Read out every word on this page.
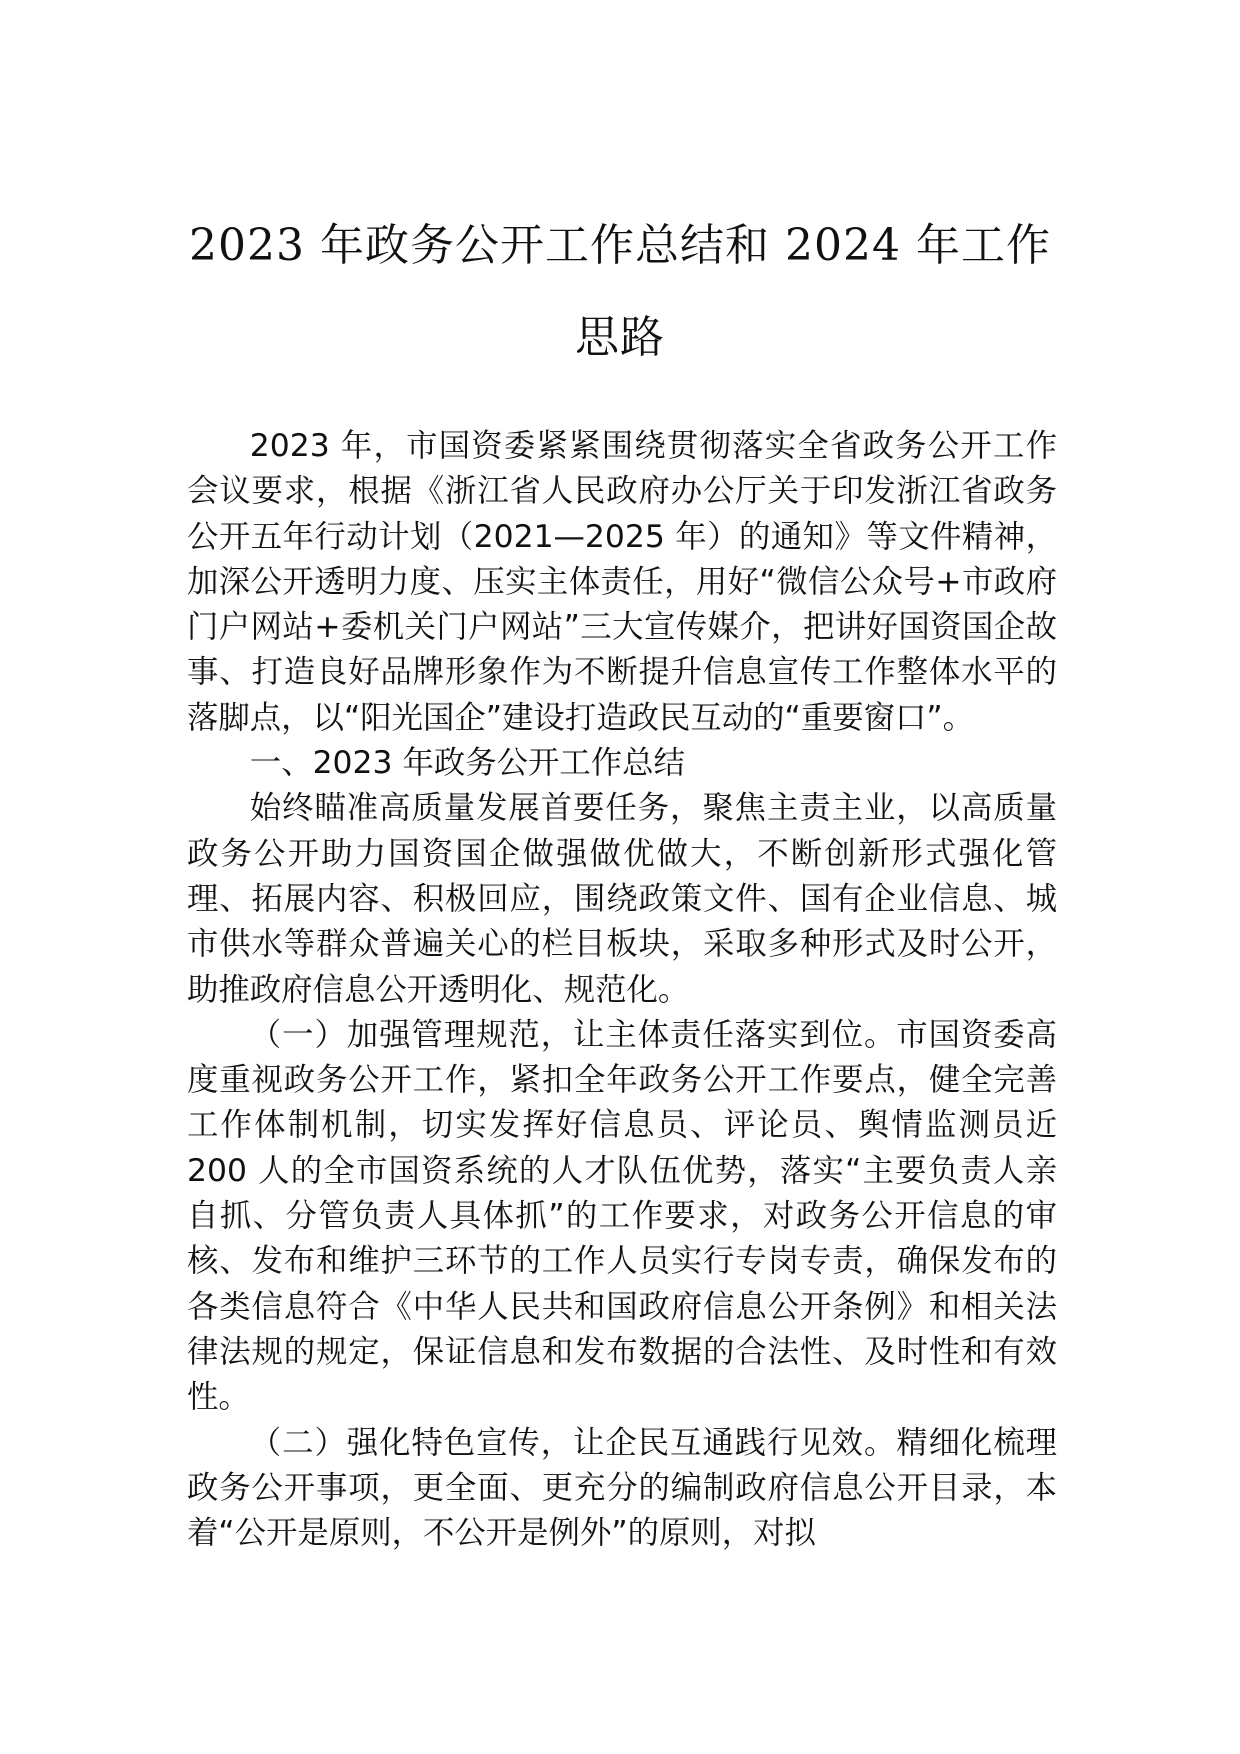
2023 年政务公开工作总结和 2024 年工作思路

2023 年，市国资委紧紧围绕贯彻落实全省政务公开工作会议要求，根据《浙江省人民政府办公厅关于印发浙江省政务公开五年行动计划（2021—2025 年）的通知》等文件精神，加深公开透明力度、压实主体责任，用好“微信公众号+市政府门户网站+委机关门户网站”三大宣传媒介，把讲好国资国企故事、打造良好品牌形象作为不断提升信息宣传工作整体水平的落脚点，以“阳光国企”建设打造政民互动的“重要窗口”。

一、2023 年政务公开工作总结

始终瞄准高质量发展首要任务，聚焦主责主业，以高质量政务公开助力国资国企做强做优做大，不断创新形式强化管理、拓展内容、积极回应，围绕政策文件、国有企业信息、城市供水等群众普遍关心的栏目板块，采取多种形式及时公开，助推政府信息公开透明化、规范化。

（一）加强管理规范，让主体责任落实到位。市国资委高度重视政务公开工作，紧扣全年政务公开工作要点，健全完善工作体制机制，切实发挥好信息员、评论员、舆情监测员近 200 人的全市国资系统的人才队伍优势，落实“主要负责人亲自抓、分管负责人具体抓”的工作要求，对政务公开信息的审核、发布和维护三环节的工作人员实行专岗专责，确保发布的各类信息符合《中华人民共和国政府信息公开条例》和相关法律法规的规定，保证信息和发布数据的合法性、及时性和有效性。

（二）强化特色宣传，让企民互通践行见效。精细化梳理政务公开事项，更全面、更充分的编制政府信息公开目录，本着“公开是原则，不公开是例外”的原则，对拟
